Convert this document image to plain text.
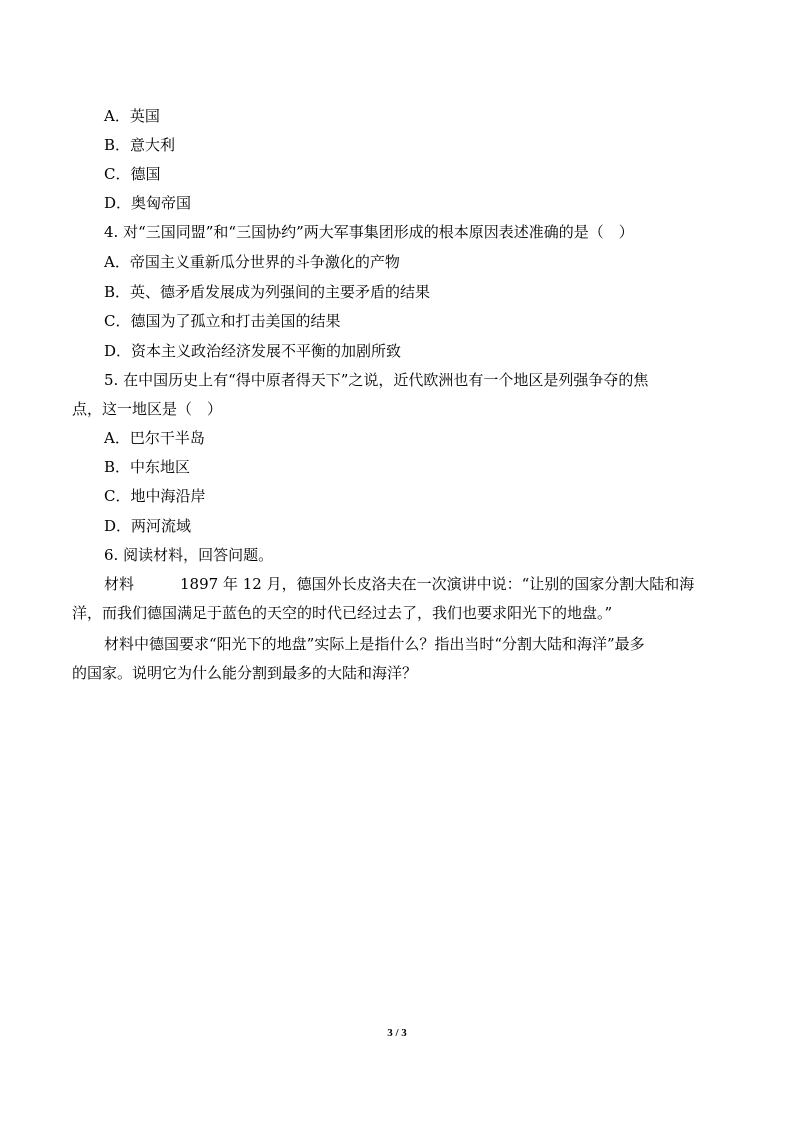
A．英国
B．意大利
C．德国
D．奥匈帝国
4. 对“三国同盟”和“三国协约”两大军事集团形成的根本原因表述准确的是（　）
A．帝国主义重新瓜分世界的斗争激化的产物
B．英、德矛盾发展成为列强间的主要矛盾的结果
C．德国为了孤立和打击美国的结果
D．资本主义政治经济发展不平衡的加剧所致
5. 在中国历史上有“得中原者得天下”之说，近代欧洲也有一个地区是列强争夺的焦
点，这一地区是（　）
A．巴尔干半岛
B．中东地区
C．地中海沿岸
D．两河流域
6. 阅读材料，回答问题。
材料	1897 年 12 月，德国外长皮洛夫在一次演讲中说：“让别的国家分割大陆和海
洋，而我们德国满足于蓝色的天空的时代已经过去了，我们也要求阳光下的地盘。”
材料中德国要求“阳光下的地盘”实际上是指什么？指出当时“分割大陆和海洋”最多
的国家。说明它为什么能分割到最多的大陆和海洋？
3 / 3
